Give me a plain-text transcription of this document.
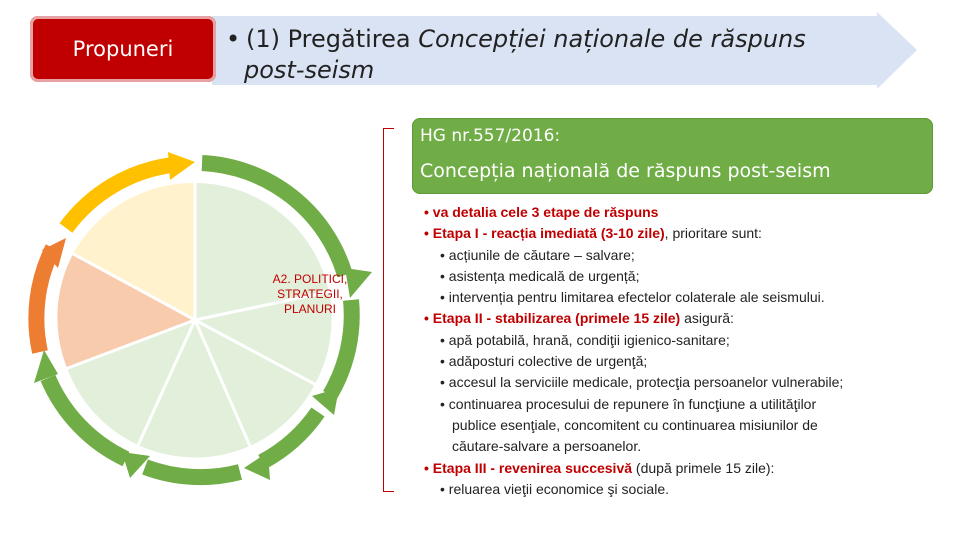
Propuneri • (1) Pregătirea Concepției naționale de răspuns
post-seism
A2. POLITICI, STRATEGII, PLANURI
HG nr.557/2016:
Concepția națională de răspuns post-seism
• va detalia cele 3 etape de răspuns
• Etapa I - reacția imediată (3-10 zile), prioritare sunt:
• acțiunile de căutare – salvare;
• asistența medicală de urgență;
• intervenția pentru limitarea efectelor colaterale ale seismului.
• Etapa II - stabilizarea (primele 15 zile) asigură:
• apă potabilă, hrană, condiţii igienico-sanitare;
• adăposturi colective de urgenţă;
• accesul la serviciile medicale, protecţia persoanelor vulnerabile;
• continuarea procesului de repunere în funcţiune a utilităţilor
publice esenţiale, concomitent cu continuarea misiunilor de
căutare-salvare a persoanelor.
• Etapa III - revenirea succesivă (după primele 15 zile):
• reluarea vieţii economice şi sociale.
